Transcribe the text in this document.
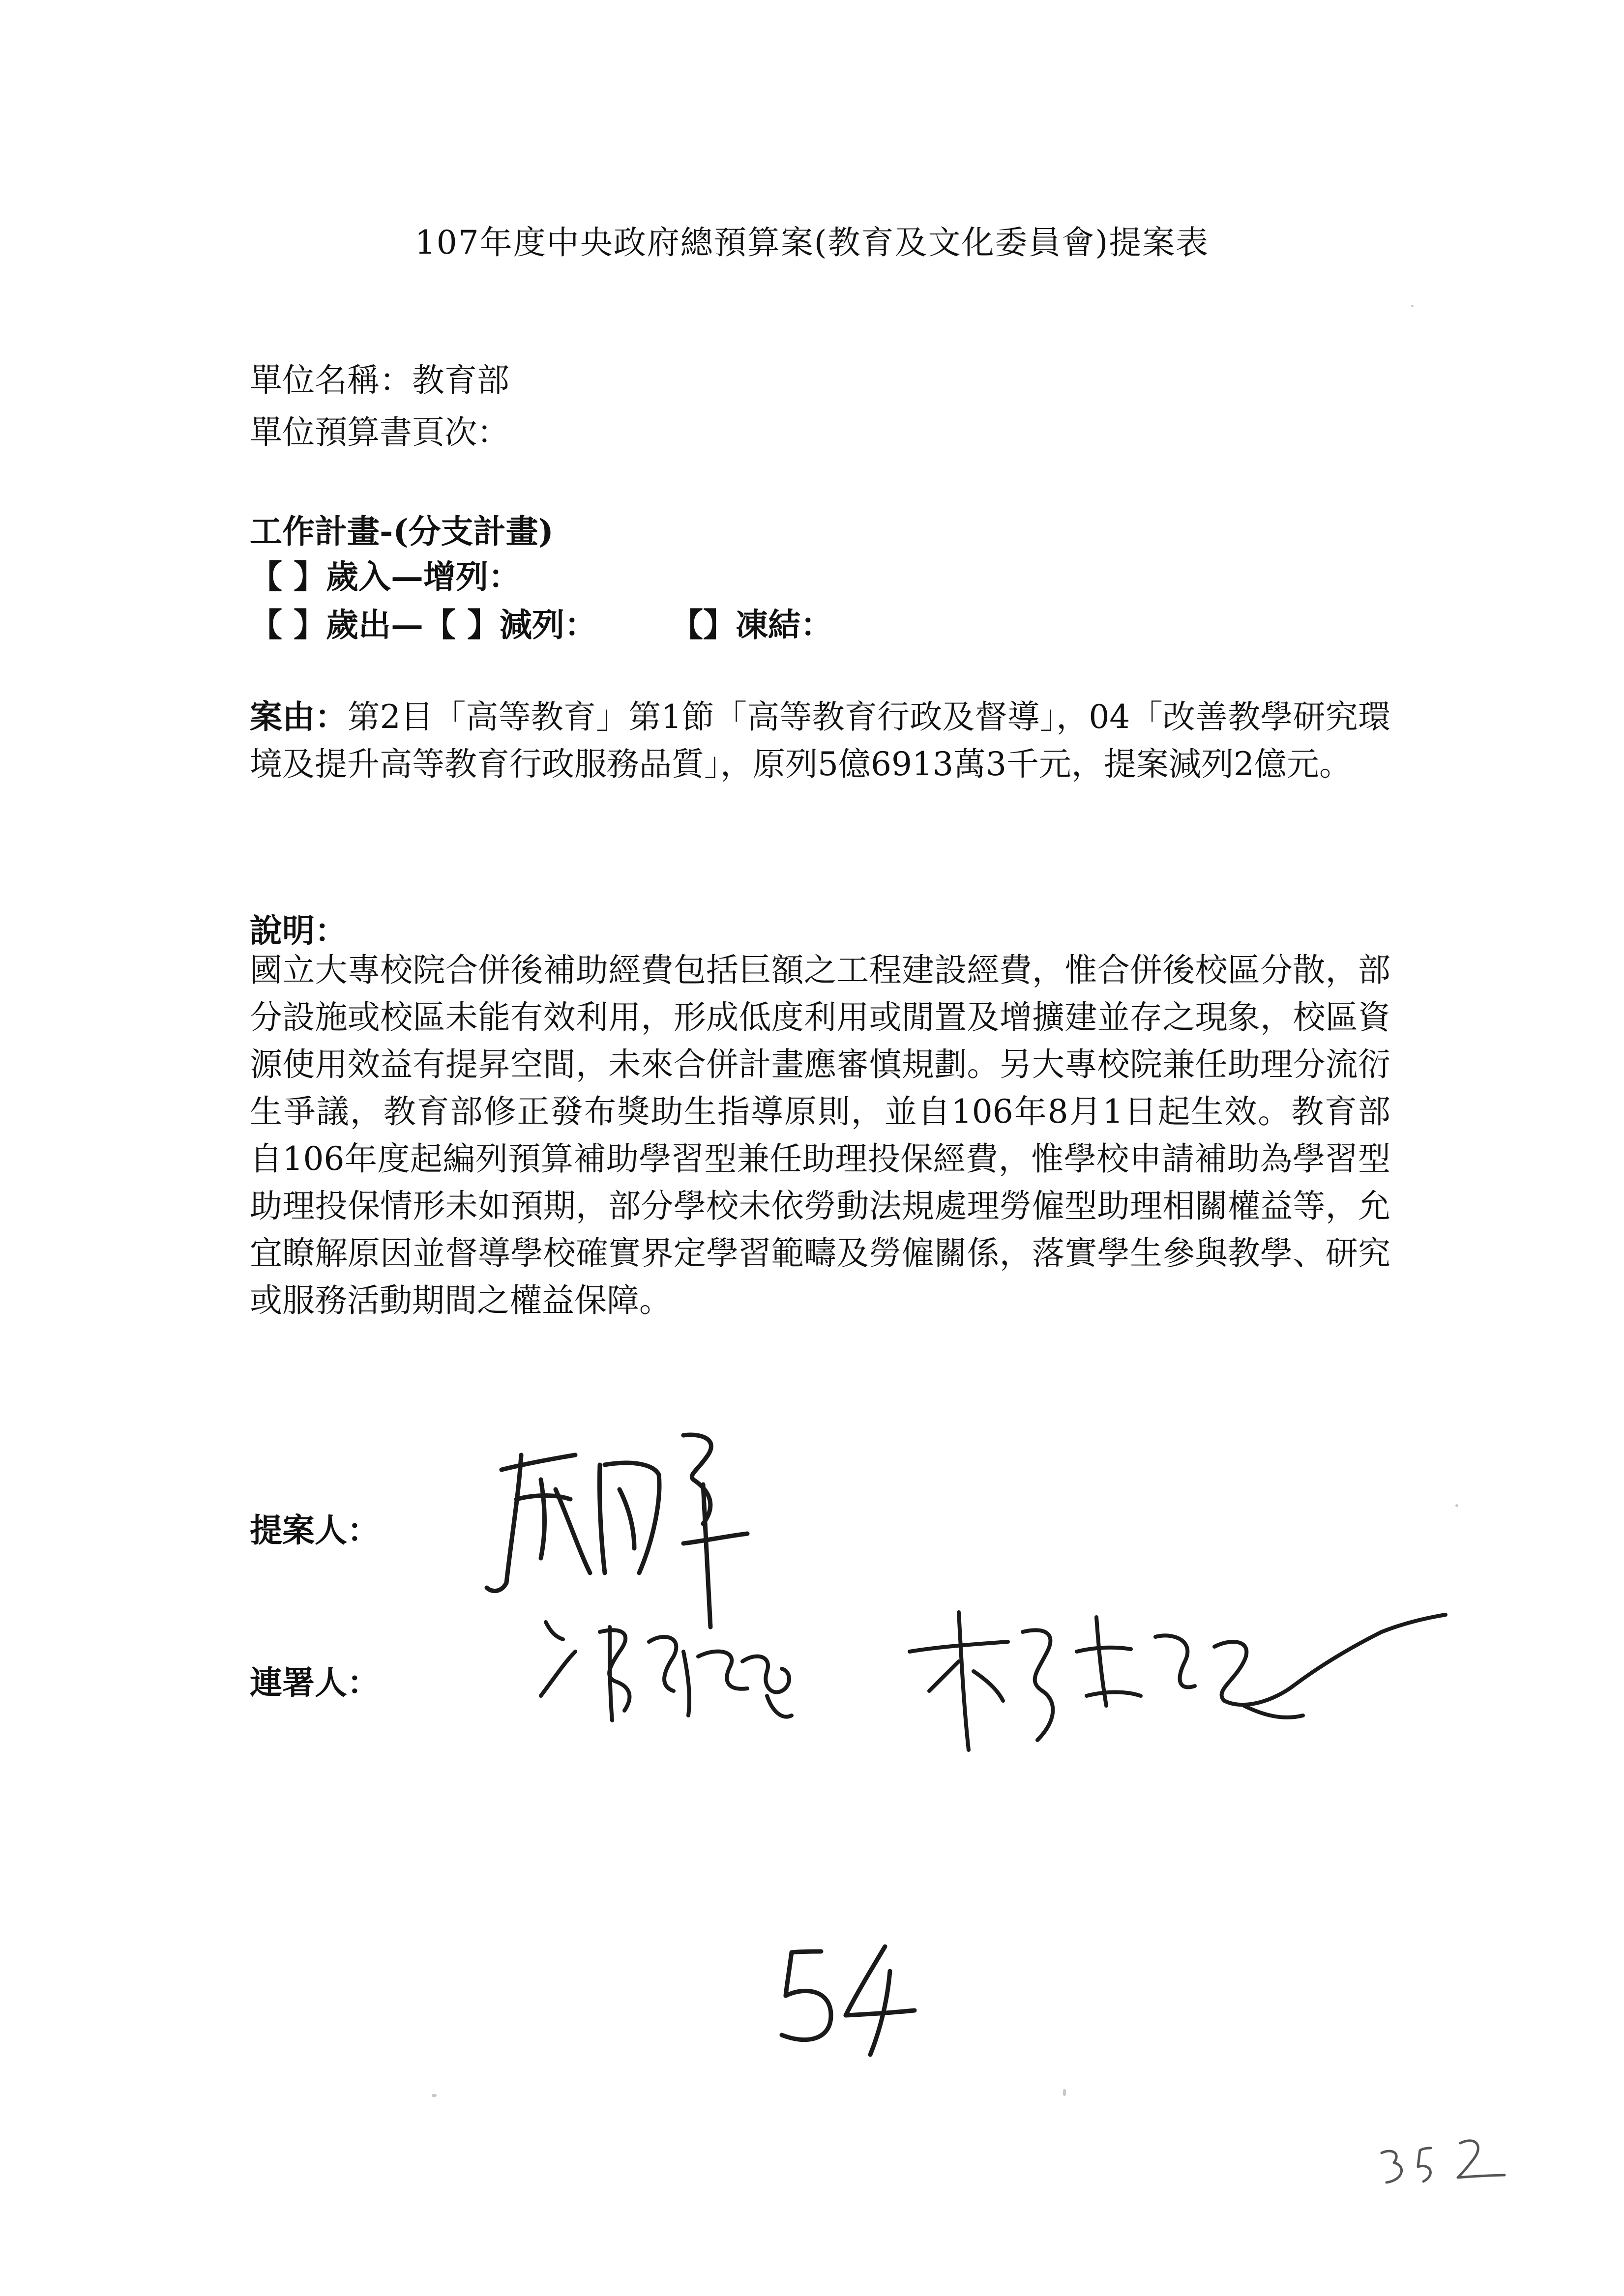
107年度中央政府總預算案(教育及文化委員會)提案表
單位名稱：教育部
單位預算書頁次：
工作計畫-(分支計畫)
【 】歲入—增列：
【 】歲出—【 】減列： 【】凍結：
案由：第2目「高等教育」第1節「高等教育行政及督導」，04「改善教學研究環境及提升高等教育行政服務品質」，原列5億6913萬3千元，提案減列2億元。
說明：
國立大專校院合併後補助經費包括巨額之工程建設經費，惟合併後校區分散，部分設施或校區未能有效利用，形成低度利用或閒置及增擴建並存之現象，校區資源使用效益有提昇空間，未來合併計畫應審慎規劃。另大專校院兼任助理分流衍生爭議，教育部修正發布獎助生指導原則，並自106年8月1日起生效。教育部自106年度起編列預算補助學習型兼任助理投保經費，惟學校申請補助為學習型助理投保情形未如預期，部分學校未依勞動法規處理勞僱型助理相關權益等，允宜瞭解原因並督導學校確實界定學習範疇及勞僱關係，落實學生參與教學、研究或服務活動期間之權益保障。
提案人：
連署人：
